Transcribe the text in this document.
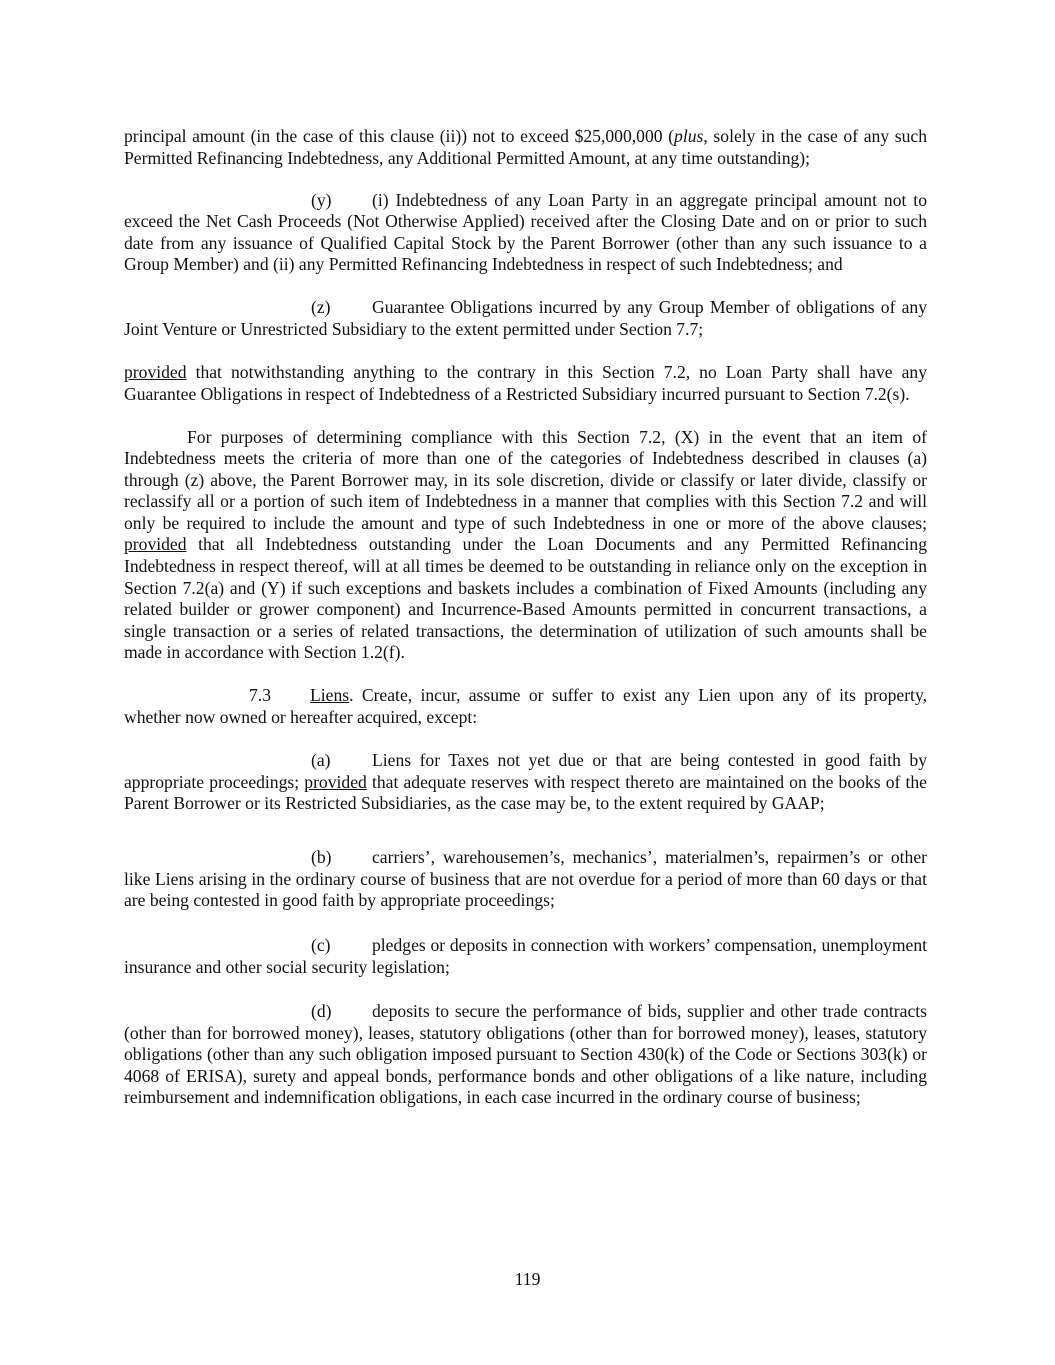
principal amount (in the case of this clause (ii)) not to exceed $25,000,000 (plus, solely in the case of any such Permitted Refinancing Indebtedness, any Additional Permitted Amount, at any time outstanding);

(y) (i) Indebtedness of any Loan Party in an aggregate principal amount not to exceed the Net Cash Proceeds (Not Otherwise Applied) received after the Closing Date and on or prior to such date from any issuance of Qualified Capital Stock by the Parent Borrower (other than any such issuance to a Group Member) and (ii) any Permitted Refinancing Indebtedness in respect of such Indebtedness; and

(z) Guarantee Obligations incurred by any Group Member of obligations of any Joint Venture or Unrestricted Subsidiary to the extent permitted under Section 7.7;

provided that notwithstanding anything to the contrary in this Section 7.2, no Loan Party shall have any Guarantee Obligations in respect of Indebtedness of a Restricted Subsidiary incurred pursuant to Section 7.2(s).

For purposes of determining compliance with this Section 7.2, (X) in the event that an item of Indebtedness meets the criteria of more than one of the categories of Indebtedness described in clauses (a) through (z) above, the Parent Borrower may, in its sole discretion, divide or classify or later divide, classify or reclassify all or a portion of such item of Indebtedness in a manner that complies with this Section 7.2 and will only be required to include the amount and type of such Indebtedness in one or more of the above clauses; provided that all Indebtedness outstanding under the Loan Documents and any Permitted Refinancing Indebtedness in respect thereof, will at all times be deemed to be outstanding in reliance only on the exception in Section 7.2(a) and (Y) if such exceptions and baskets includes a combination of Fixed Amounts (including any related builder or grower component) and Incurrence-Based Amounts permitted in concurrent transactions, a single transaction or a series of related transactions, the determination of utilization of such amounts shall be made in accordance with Section 1.2(f).

7.3 Liens. Create, incur, assume or suffer to exist any Lien upon any of its property, whether now owned or hereafter acquired, except:

(a) Liens for Taxes not yet due or that are being contested in good faith by appropriate proceedings; provided that adequate reserves with respect thereto are maintained on the books of the Parent Borrower or its Restricted Subsidiaries, as the case may be, to the extent required by GAAP;

(b) carriers’, warehousemen’s, mechanics’, materialmen’s, repairmen’s or other like Liens arising in the ordinary course of business that are not overdue for a period of more than 60 days or that are being contested in good faith by appropriate proceedings;

(c) pledges or deposits in connection with workers’ compensation, unemployment insurance and other social security legislation;

(d) deposits to secure the performance of bids, supplier and other trade contracts (other than for borrowed money), leases, statutory obligations (other than for borrowed money), leases, statutory obligations (other than any such obligation imposed pursuant to Section 430(k) of the Code or Sections 303(k) or 4068 of ERISA), surety and appeal bonds, performance bonds and other obligations of a like nature, including reimbursement and indemnification obligations, in each case incurred in the ordinary course of business;

119
